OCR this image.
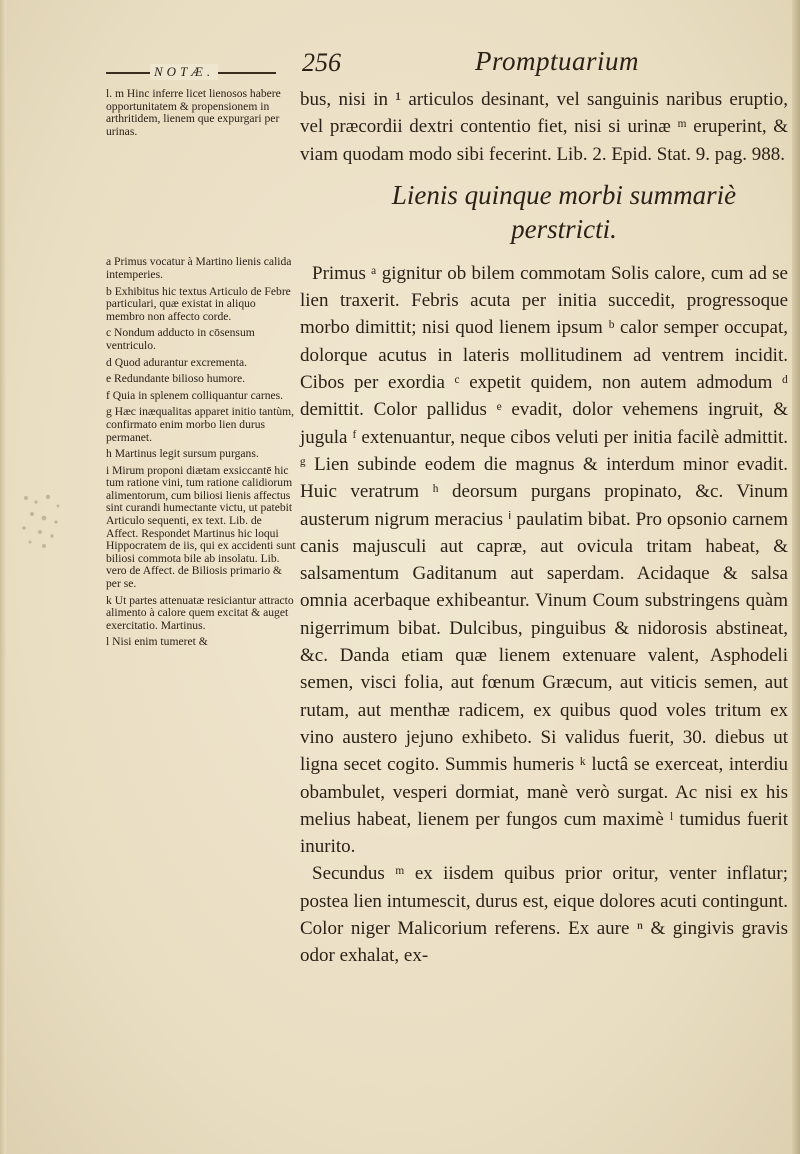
NOTÆ.	256	Promptuarium

l. m Hinc inferre licet lienosos habere opportunitatem & propensionem in arthritidem, lienem que expurgari per urinas.

a Primus vocatur à Martino lienis calida intemperies.

b Exhibitus hic textus Articulo de Febre particulari, quæ existat in aliquo membro non affecto corde.

c Nondum adducto in cōsensum ventriculo.

d Quod adurantur excrementa.

e Redundante bilioso humore.

f Quia in splenem colliquantur carnes.

g Hæc inæqualitas apparet initio tantùm, confirmato enim morbo lien durus permanet.

h Martinus legit sursum purgans.

i Mirum proponi diætam exsiccantē hic tum ratione vini, tum ratione calidiorum alimentorum, cum biliosi lienis affectus sint curandi humectante victu, ut patebit Articulo sequenti, ex text. Lib. de Affect. Respondet Martinus hic loqui Hippocratem de iis, qui ex accidenti sunt biliosi commota bile ab insolatu. Lib. vero de Affect. de Biliosis primario & per se.

k Ut partes attenuatæ resiciantur attracto alimento à calore quem excitat & auget exercitatio. Martinus.

l Nisi enim tumeret &

bus, nisi in ¹ articulos desinant, vel sanguinis naribus eruptio, vel præcordii dextri contentio fiet, nisi si urinæ ᵐ eruperint, & viam quodam modo sibi fecerint. Lib. 2. Epid. Stat. 9. pag. 988.

Lienis quinque morbi summariè perstricti.

Primus ᵃ gignitur ob bilem commotam Solis calore, cum ad se lien traxerit. Febris acuta per initia succedit, progressoque morbo dimittit; nisi quod lienem ipsum ᵇ calor semper occupat, dolorque acutus in lateris mollitudinem ad ventrem incidit. Cibos per exordia ᶜ expetit quidem, non autem admodum ᵈ demittit. Color pallidus ᵉ evadit, dolor vehemens ingruit, & jugula ᶠ extenuantur, neque cibos veluti per initia facilè admittit. ᵍ Lien subinde eodem die magnus & interdum minor evadit. Huic veratrum ʰ deorsum purgans propinato, &c. Vinum austerum nigrum meracius ⁱ paulatim bibat. Pro opsonio carnem canis majusculi aut capræ, aut ovicula tritam habeat, & salsamentum Gaditanum aut saperdam. Acidaque & salsa omnia acerbaque exhibeantur. Vinum Coum substringens quàm nigerrimum bibat. Dulcibus, pinguibus & nidorosis abstineat, &c. Danda etiam quæ lienem extenuare valent, Asphodeli semen, visci folia, aut fœnum Græcum, aut viticis semen, aut rutam, aut menthæ radicem, ex quibus quod voles tritum ex vino austero jejuno exhibeto. Si validus fuerit, 30. diebus ut ligna secet cogito. Summis humeris ᵏ luctâ se exerceat, interdiu obambulet, vesperi dormiat, manè verò surgat. Ac nisi ex his melius habeat, lienem per fungos cum maximè ˡ tumidus fuerit inurito.

Secundus ᵐ ex iisdem quibus prior oritur, venter inflatur; postea lien intumescit, durus est, eique dolores acuti contingunt. Color niger Malicorium referens. Ex aure ⁿ & gingivis gravis odor exhalat, ex-
